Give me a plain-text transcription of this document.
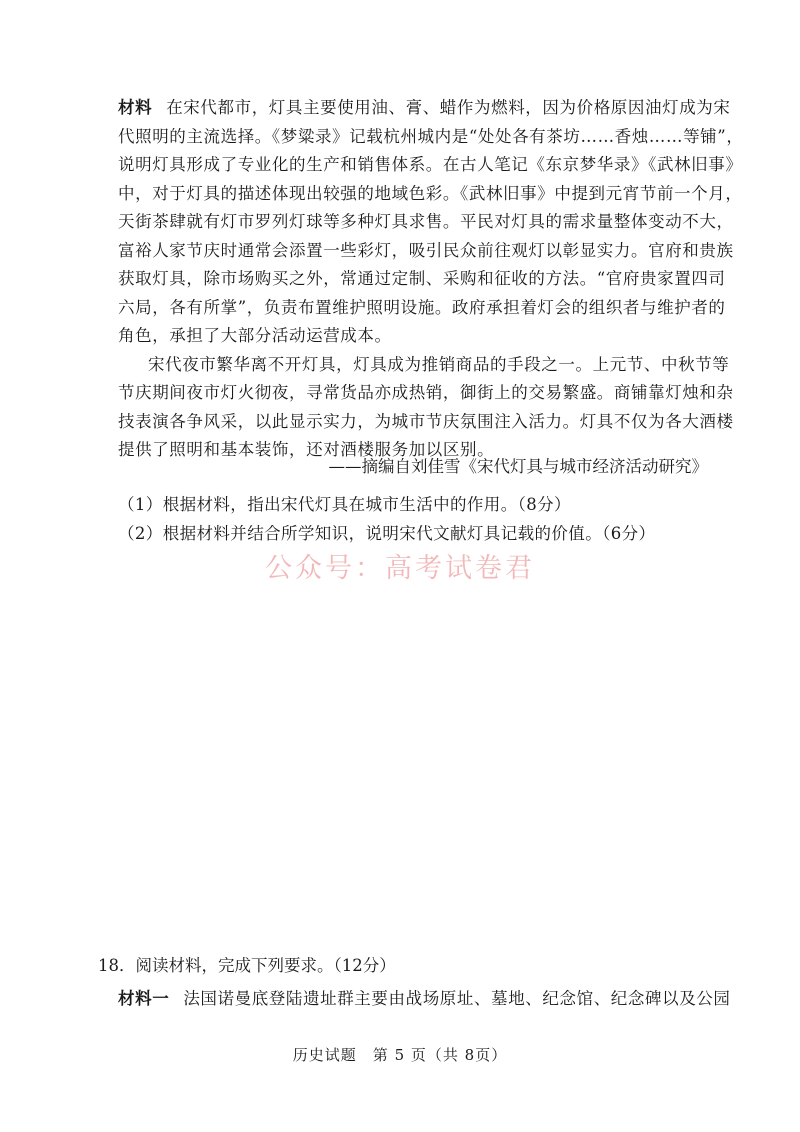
材料 在宋代都市，灯具主要使用油、膏、蜡作为燃料，因为价格原因油灯成为宋
代照明的主流选择。《梦粱录》记载杭州城内是“处处各有茶坊……香烛……等铺”，
说明灯具形成了专业化的生产和销售体系。在古人笔记《东京梦华录》《武林旧事》
中，对于灯具的描述体现出较强的地域色彩。《武林旧事》中提到元宵节前一个月，
天街茶肆就有灯市罗列灯球等多种灯具求售。平民对灯具的需求量整体变动不大，
富裕人家节庆时通常会添置一些彩灯，吸引民众前往观灯以彰显实力。官府和贵族
获取灯具，除市场购买之外，常通过定制、采购和征收的方法。“官府贵家置四司
六局，各有所掌”，负责布置维护照明设施。政府承担着灯会的组织者与维护者的
角色，承担了大部分活动运营成本。
宋代夜市繁华离不开灯具，灯具成为推销商品的手段之一。上元节、中秋节等
节庆期间夜市灯火彻夜，寻常货品亦成热销，御街上的交易繁盛。商铺靠灯烛和杂
技表演各争风采，以此显示实力，为城市节庆氛围注入活力。灯具不仅为各大酒楼
提供了照明和基本装饰，还对酒楼服务加以区别。
——摘编自刘佳雪《宋代灯具与城市经济活动研究》
（1）根据材料，指出宋代灯具在城市生活中的作用。（8分）
（2）根据材料并结合所学知识，说明宋代文献灯具记载的价值。（6分）
公众号：高考试卷君
18．阅读材料，完成下列要求。（12分）
材料一 法国诺曼底登陆遗址群主要由战场原址、墓地、纪念馆、纪念碑以及公园
历史试题　第 5 页（共 8页）
